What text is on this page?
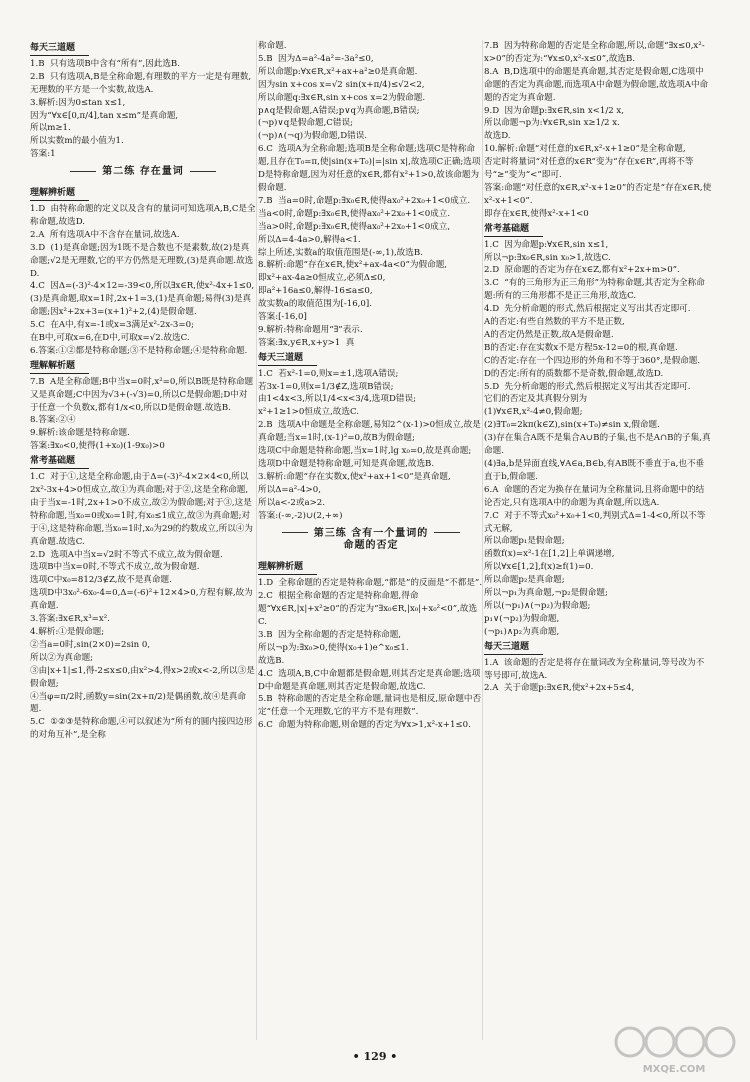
每天三道题
1.B  只有选项B中含有“所有”,因此选B.
2.B  只有选项A,B是全称命题,有理数的平方一定是有理数,无理数的平方是一个实数,故选A.
3.解析:因为0≤tan x≤1,
因为“∀x∈[0,π/4],tan x≤m”是真命题,
所以m≥1.
所以实数m的最小值为1.
答案:1
第二练 存在量词
理解辨析题
1.D  由特称命题的定义以及含有的量词可知选项A,B,C是全称命题,故选D.
2.A  所有选项A中不含存在量词,故选A.
3.D  (1)是真命题;因为1既不是合数也不是素数,故(2)是真命题;√2是无理数,它的平方仍然是无理数,(3)是真命题.故选D.
4.C  因Δ=(-3)²-4×12=-39<0,所以∃x∈R,使x²-4x+1≤0,(3)是真命题,取x=1时,2x+1=3,(1)是真命题;易得(3)是真命题;因x²+2x+3=(x+1)²+2,(4)是假命题.
5.C  在A中,有x=-1或x=3满足x²-2x-3=0;
在B中,可取x=6,在D中,可取x=√2.故选C.
6.答案:①②都是特称命题;③不是特称命题;④是特称命题.
理解解析题
7.B  A是全称命题;B中当x=0时,x²=0,所以B既是特称命题又是真命题;C中因为√3+(-√3)=0,所以C是假命题;D中对于任意一个负数x,都有1/x<0,所以D是假命题.故选B.
8.答案:②④
9.解析:该命题是特称命题.
答案:∃x₀<0,使得(1+x₀)(1-9x₀)>0
常考基础题
1.C  对于①,这是全称命题,由于Δ=(-3)²-4×2×4<0,所以2x²-3x+4>0恒成立,故①为真命题;对于②,这是全称命题,由于当x=-1时,2x+1>0不成立,故②为假命题;对于③,这是特称命题,当x₀=0或x₀=1时,有x₀≤1成立,故③为真命题;对于④,这是特称命题,当x₀=1时,x₀为29的约数成立,所以④为真命题.故选C.
2.D  选项A中当x=√2时不等式不成立,故为假命题.
选项B中当x=0时,不等式不成立,故为假命题.
选项C中x₀=812/3∉Z,故不是真命题.
选项D中3x₀²-6x₀-4=0,Δ=(-6)²+12×4>0,方程有解,故为真命题.
3.答案:∃x∈R,x³=x².
4.解析:①是假命题;
②当a=0时,sin(2×0)=2sin 0,
所以②为真命题;
③由|x+1|≤1,得-2≤x≤0,由x²>4,得x>2或x<-2,所以③是假命题;
④当φ=π/2时,函数y=sin(2x+π/2)是偶函数,故④是真命题.
5.C  ①②③是特称命题,④可以叙述为“所有的圆内接四边形的对角互补”,是全称
称命题.
5.B  因为Δ=a²-4a²=-3a²≤0,
所以命题p:∀x∈R,x²+ax+a²≥0是真命题.
因为sin x+cos x=√2 sin(x+π/4)≤√2<2,
所以命题q:∃x∈R,sin x+cos x=2为假命题.
p∧q是假命题,A错误;p∨q为真命题,B错误;
(¬p)∨q是假命题,C错误;
(¬p)∧(¬q)为假命题,D错误.
6.C  选项A为全称命题;选项B是全称命题;选项C是特称命题,且存在T₀=π,使|sin(x+T₀)|=|sin x|,故选项C正确;选项D是特称命题,因为对任意的x∈R,都有x²+1>0,故该命题为假命题.
7.B  当a=0时,命题p:∃x₀∈R,使得ax₀²+2x₀+1<0成立.
当a<0时,命题p:∃x₀∈R,使得ax₀²+2x₀+1<0成立.
当a>0时,命题p:∃x₀∈R,使得ax₀²+2x₀+1<0成立,
所以Δ=4-4a>0,解得a<1.
综上所述,实数a的取值范围是(-∞,1),故选B.
8.解析:命题“存在x∈R,使x²+ax-4a<0”为假命题,
即x²+ax-4a≥0恒成立,必须Δ≤0,
即a²+16a≤0,解得-16≤a≤0,
故实数a的取值范围为[-16,0].
答案:[-16,0]
9.解析:特称命题用“∃”表示.
答案:∃x,y∈R,x+y>1  真
每天三道题
1.C  若x²-1=0,则x=±1,选项A错误;
若3x-1=0,则x=1/3∉Z,选项B错误;
由1<4x<3,所以1/4<x<3/4,选项D错误;
x²+1≥1>0恒成立,故选C.
2.B  选项A中命题是全称命题,易知2^(x-1)>0恒成立,故是真命题;当x=1时,(x-1)²=0,故B为假命题;
选项C中命题是特称命题,当x=1时,lg x₀=0,故是真命题;
选项D中命题是特称命题,可知是真命题,故选B.
3.解析:命题“存在实数x,使x²+ax+1<0”是真命题,
所以Δ=a²-4>0,
所以a<-2或a>2.
答案:(-∞,-2)∪(2,+∞)
第三练 含有一个量词的
命题的否定
理解辨析题
1.D  全称命题的否定是特称命题,“都是”的反面是“不都是”.
2.C  根据全称命题的否定是特称命题,得命题“∀x∈R,|x|+x²≥0”的否定为“∃x₀∈R,|x₀|+x₀²<0”,故选C.
3.B  因为全称命题的否定是特称命题,
所以¬p为:∃x₀>0,使得(x₀+1)e^x₀≤1.
故选B.
4.C  选项A,B,C中命题都是假命题,则其否定是真命题;选项D中命题是真命题,则其否定是假命题,故选C.
5.B  特称命题的否定是全称命题,量词也是相反,原命题中否定“任意一个无理数,它的平方不是有理数”.
6.C  命题为特称命题,则命题的否定为∀x>1,x²-x+1≤0.
7.B  因为特称命题的否定是全称命题,所以,命题“∃x≤0,x²-x>0”的否定为:“∀x≤0,x²-x≤0”,故选B.
8.A  B,D选项中的命题是真命题,其否定是假命题,C选项中命题的否定为真命题,而选项A中命题为假命题,故选项A中命题的否定为真命题.
9.D  因为命题p:∃x∈R,sin x<1/2 x,
所以命题¬p为:∀x∈R,sin x≥1/2 x.
故选D.
10.解析:命题“对任意的x∈R,x²-x+1≥0”是全称命题,
否定时将量词“对任意的x∈R”变为“存在x∈R”,再将不等号“≥”变为“<”即可.
答案:命题“对任意的x∈R,x²-x+1≥0”的否定是“存在x∈R,使x²-x+1<0”.
即存在x∈R,使得x²-x+1<0
常考基础题
1.C  因为命题p:∀x∈R,sin x≤1,
所以¬p:∃x₀∈R,sin x₀>1,故选C.
2.D  原命题的否定为存在x∈Z,都有x²+2x+m>0”.
3.C  “有的三角形为正三角形”为特称命题,其否定为全称命题:所有的三角形都不是正三角形,故选C.
4.D  先分析命题的形式,然后根据定义写出其否定即可.
A的否定:有些自然数的平方不是正数,
A的否定仍然是正数,故A是假命题.
B的否定:存在实数x不是方程5x-12=0的根,真命题.
C的否定:存在一个四边形的外角和不等于360°,是假命题.
D的否定:所有的质数都不是奇数,假命题,故选D.
5.D  先分析命题的形式,然后根据定义写出其否定即可.
它们的否定及其真假分别为
(1)∀x∈R,x²-4≠0,假命题;
(2)∃T₀=2kπ(k∈Z),sin(x+T₀)≠sin x,假命题.
(3)存在集合A既不是集合A∪B的子集,也不是A∩B的子集,真命题.
(4)∃a,b是异面直线,∀A∈a,B∈b,有AB既不垂直于a,也不垂直于b,假命题.
6.A  命题的否定为换存在量词为全称量词,且将命题中的结论否定,只有选项A中的命题为真命题,所以选A.
7.C  对于不等式x₀²+x₀+1<0,判别式Δ=1-4<0,所以不等式无解,
所以命题p₁是假命题;
函数f(x)=x²-1在[1,2]上单调递增,
所以∀x∈[1,2],f(x)≥f(1)=0.
所以命题p₂是真命题;
所以¬p₁为真命题,¬p₂是假命题;
所以(¬p₁)∧(¬p₂)为假命题;
p₁∨(¬p₂)为假命题,
(¬p₁)∧p₂为真命题,
每天三道题
1.A  该命题的否定是将存在量词改为全称量词,等号改为不等号即可,故选A.
2.A  关于命题p:∃x∈R,使x²+2x+5≤4,
• 129 •
MXQE.COM
